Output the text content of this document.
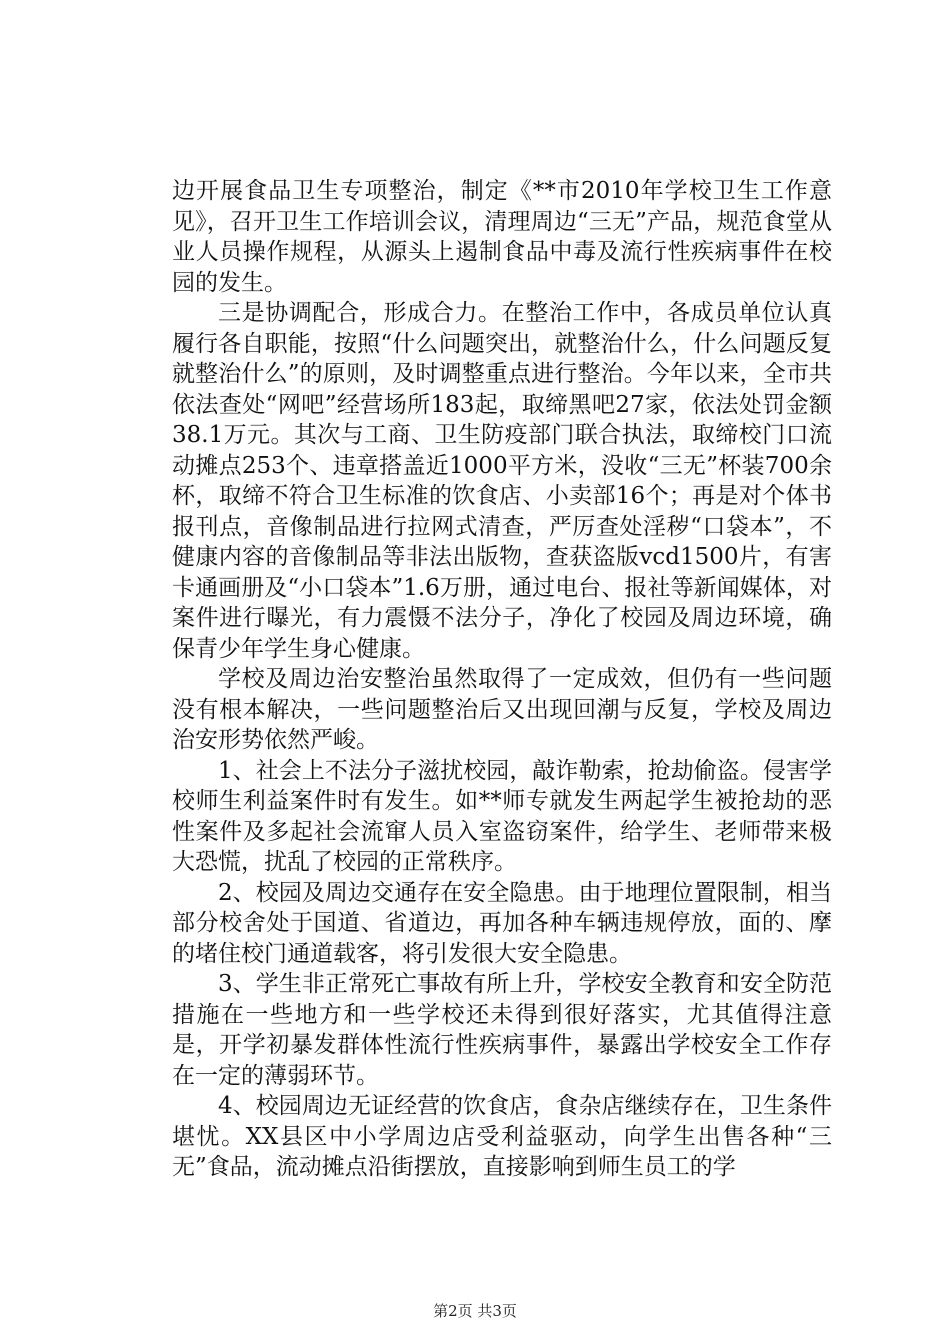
边开展食品卫生专项整治，制定《**市2010年学校卫生工作意见》，召开卫生工作培训会议，清理周边“三无”产品，规范食堂从业人员操作规程，从源头上遏制食品中毒及流行性疾病事件在校园的发生。

三是协调配合，形成合力。在整治工作中，各成员单位认真履行各自职能，按照“什么问题突出，就整治什么，什么问题反复就整治什么”的原则，及时调整重点进行整治。今年以来，全市共依法查处“网吧”经营场所183起，取缔黑吧27家，依法处罚金额38.1万元。其次与工商、卫生防疫部门联合执法，取缔校门口流动摊点253个、违章搭盖近1000平方米，没收“三无”杯装700余杯，取缔不符合卫生标准的饮食店、小卖部16个；再是对个体书报刊点，音像制品进行拉网式清查，严厉查处淫秽“口袋本”，不健康内容的音像制品等非法出版物，查获盗版vcd1500片，有害卡通画册及“小口袋本”1.6万册，通过电台、报社等新闻媒体，对案件进行曝光，有力震慑不法分子，净化了校园及周边环境，确保青少年学生身心健康。

学校及周边治安整治虽然取得了一定成效，但仍有一些问题没有根本解决，一些问题整治后又出现回潮与反复，学校及周边治安形势依然严峻。

1、社会上不法分子滋扰校园，敲诈勒索，抢劫偷盗。侵害学校师生利益案件时有发生。如**师专就发生两起学生被抢劫的恶性案件及多起社会流窜人员入室盗窃案件，给学生、老师带来极大恐慌，扰乱了校园的正常秩序。

2、校园及周边交通存在安全隐患。由于地理位置限制，相当部分校舍处于国道、省道边，再加各种车辆违规停放，面的、摩的堵住校门通道载客，将引发很大安全隐患。

3、学生非正常死亡事故有所上升，学校安全教育和安全防范措施在一些地方和一些学校还未得到很好落实，尤其值得注意是，开学初暴发群体性流行性疾病事件，暴露出学校安全工作存在一定的薄弱环节。

4、校园周边无证经营的饮食店，食杂店继续存在，卫生条件堪忧。XX县区中小学周边店受利益驱动，向学生出售各种“三无”食品，流动摊点沿街摆放，直接影响到师生员工的学

第2页 共3页
